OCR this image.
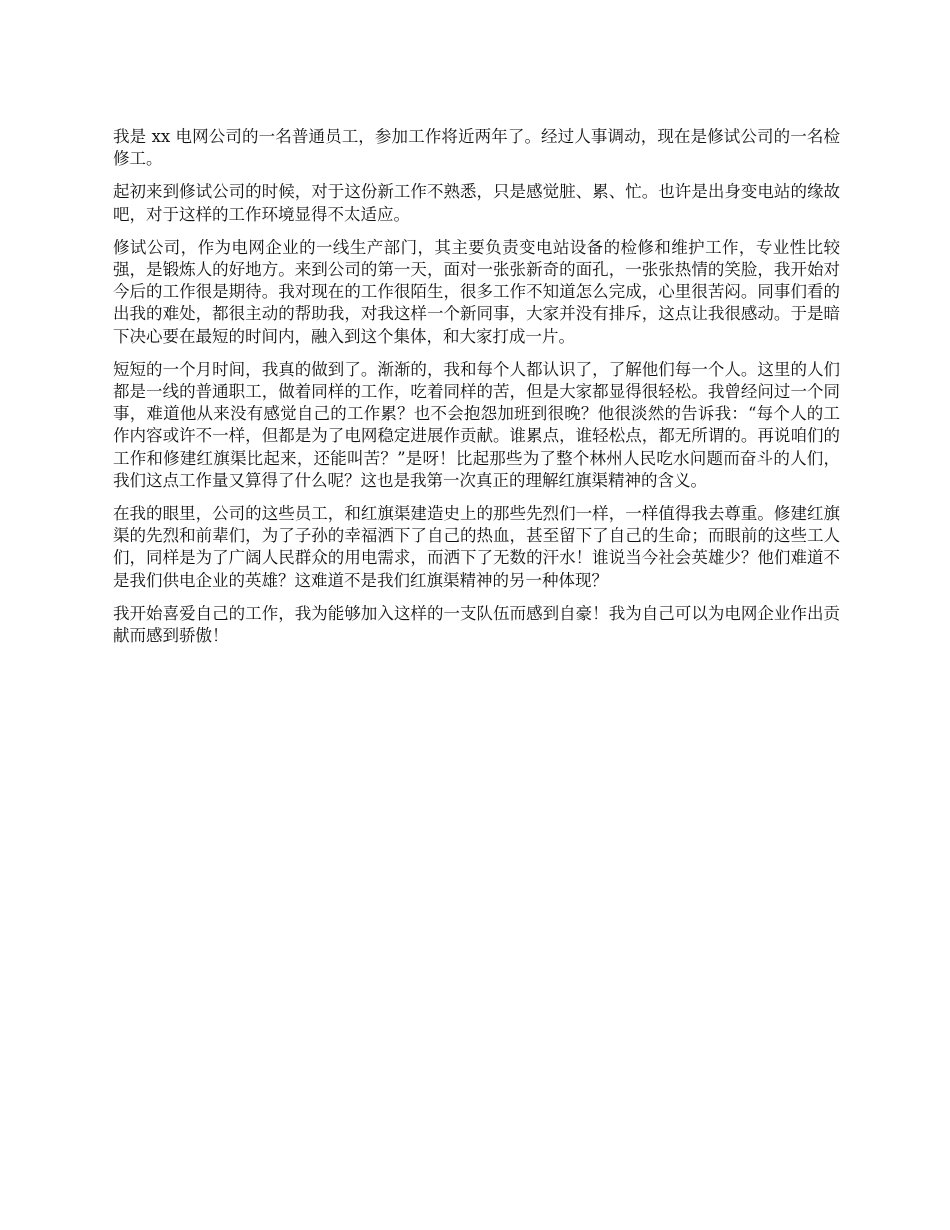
我是 xx 电网公司的一名普通员工，参加工作将近两年了。经过人事调动，现在是修试公司的一名检修工。

起初来到修试公司的时候，对于这份新工作不熟悉，只是感觉脏、累、忙。也许是出身变电站的缘故吧，对于这样的工作环境显得不太适应。

修试公司，作为电网企业的一线生产部门，其主要负责变电站设备的检修和维护工作，专业性比较强，是锻炼人的好地方。来到公司的第一天，面对一张张新奇的面孔，一张张热情的笑脸，我开始对今后的工作很是期待。我对现在的工作很陌生，很多工作不知道怎么完成，心里很苦闷。同事们看的出我的难处，都很主动的帮助我，对我这样一个新同事，大家并没有排斥，这点让我很感动。于是暗下决心要在最短的时间内，融入到这个集体，和大家打成一片。

短短的一个月时间，我真的做到了。渐渐的，我和每个人都认识了，了解他们每一个人。这里的人们都是一线的普通职工，做着同样的工作，吃着同样的苦，但是大家都显得很轻松。我曾经问过一个同事，难道他从来没有感觉自己的工作累？也不会抱怨加班到很晚？他很淡然的告诉我：“每个人的工作内容或许不一样，但都是为了电网稳定进展作贡献。谁累点，谁轻松点，都无所谓的。再说咱们的工作和修建红旗渠比起来，还能叫苦？”是呀！比起那些为了整个林州人民吃水问题而奋斗的人们，我们这点工作量又算得了什么呢？这也是我第一次真正的理解红旗渠精神的含义。

在我的眼里，公司的这些员工，和红旗渠建造史上的那些先烈们一样，一样值得我去尊重。修建红旗渠的先烈和前辈们，为了子孙的幸福洒下了自己的热血，甚至留下了自己的生命；而眼前的这些工人们，同样是为了广阔人民群众的用电需求，而洒下了无数的汗水！谁说当今社会英雄少？他们难道不是我们供电企业的英雄？这难道不是我们红旗渠精神的另一种体现？

我开始喜爱自己的工作，我为能够加入这样的一支队伍而感到自豪！我为自己可以为电网企业作出贡献而感到骄傲！
